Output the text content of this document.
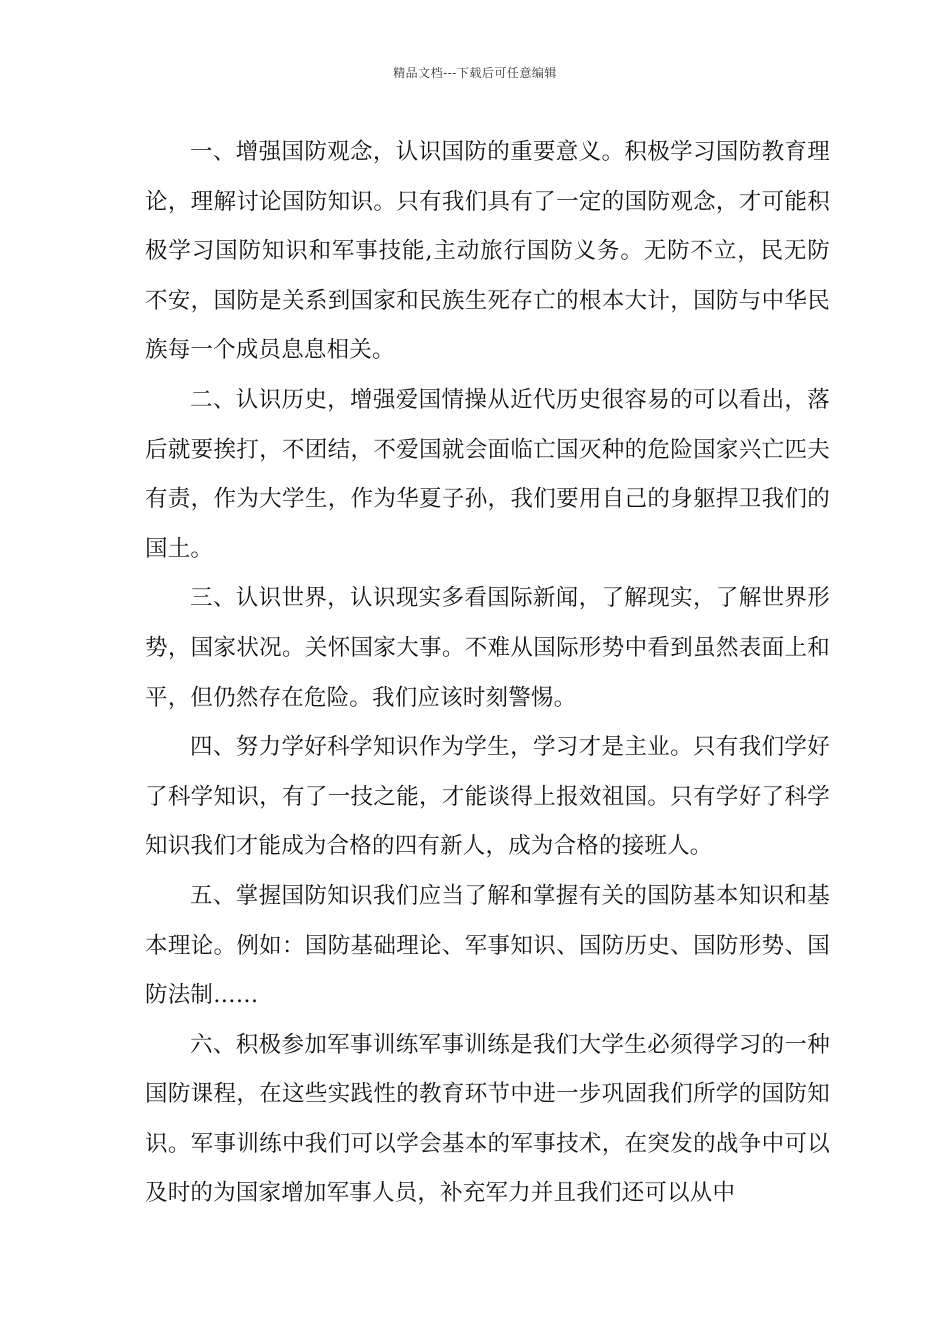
精品文档---下载后可任意编辑

一、增强国防观念，认识国防的重要意义。积极学习国防教育理论，理解讨论国防知识。只有我们具有了一定的国防观念，才可能积极学习国防知识和军事技能,主动旅行国防义务。无防不立，民无防不安，国防是关系到国家和民族生死存亡的根本大计，国防与中华民族每一个成员息息相关。

二、认识历史，增强爱国情操从近代历史很容易的可以看出，落后就要挨打，不团结，不爱国就会面临亡国灭种的危险国家兴亡匹夫有责，作为大学生，作为华夏子孙，我们要用自己的身躯捍卫我们的国土。

三、认识世界，认识现实多看国际新闻，了解现实，了解世界形势，国家状况。关怀国家大事。不难从国际形势中看到虽然表面上和平，但仍然存在危险。我们应该时刻警惕。

四、努力学好科学知识作为学生，学习才是主业。只有我们学好了科学知识，有了一技之能，才能谈得上报效祖国。只有学好了科学知识我们才能成为合格的四有新人，成为合格的接班人。

五、掌握国防知识我们应当了解和掌握有关的国防基本知识和基本理论。例如：国防基础理论、军事知识、国防历史、国防形势、国防法制……

六、积极参加军事训练军事训练是我们大学生必须得学习的一种国防课程，在这些实践性的教育环节中进一步巩固我们所学的国防知识。军事训练中我们可以学会基本的军事技术，在突发的战争中可以及时的为国家增加军事人员，补充军力并且我们还可以从中
